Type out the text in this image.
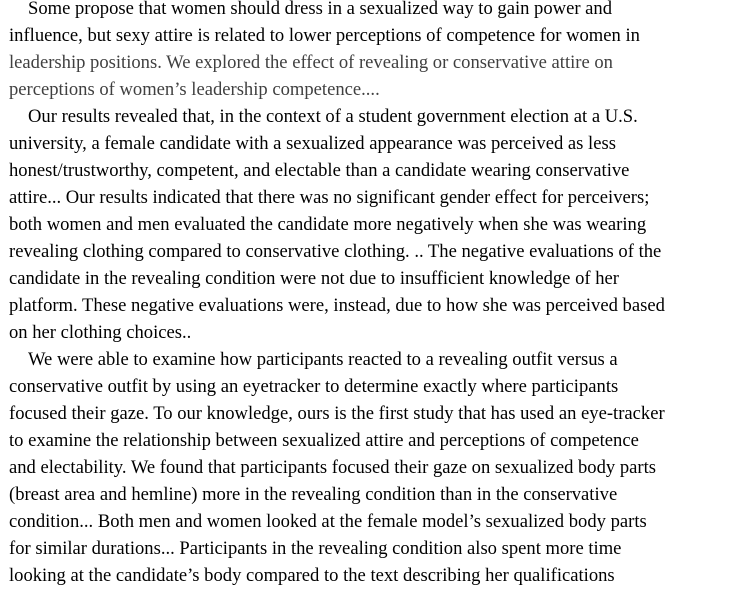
Some propose that women should dress in a sexualized way to gain power and
influence, but sexy attire is related to lower perceptions of competence for women in
leadership positions. We explored the effect of revealing or conservative attire on
perceptions of women’s leadership competence....

Our results revealed that, in the context of a student government election at a U.S.
university, a female candidate with a sexualized appearance was perceived as less
honest/trustworthy, competent, and electable than a candidate wearing conservative
attire... Our results indicated that there was no significant gender effect for perceivers;
both women and men evaluated the candidate more negatively when she was wearing
revealing clothing compared to conservative clothing. .. The negative evaluations of the
candidate in the revealing condition were not due to insufficient knowledge of her
platform. These negative evaluations were, instead, due to how she was perceived based
on her clothing choices..

We were able to examine how participants reacted to a revealing outfit versus a
conservative outfit by using an eyetracker to determine exactly where participants
focused their gaze. To our knowledge, ours is the first study that has used an eye-tracker
to examine the relationship between sexualized attire and perceptions of competence
and electability. We found that participants focused their gaze on sexualized body parts
(breast area and hemline) more in the revealing condition than in the conservative
condition... Both men and women looked at the female model’s sexualized body parts
for similar durations... Participants in the revealing condition also spent more time
looking at the candidate’s body compared to the text describing her qualifications
